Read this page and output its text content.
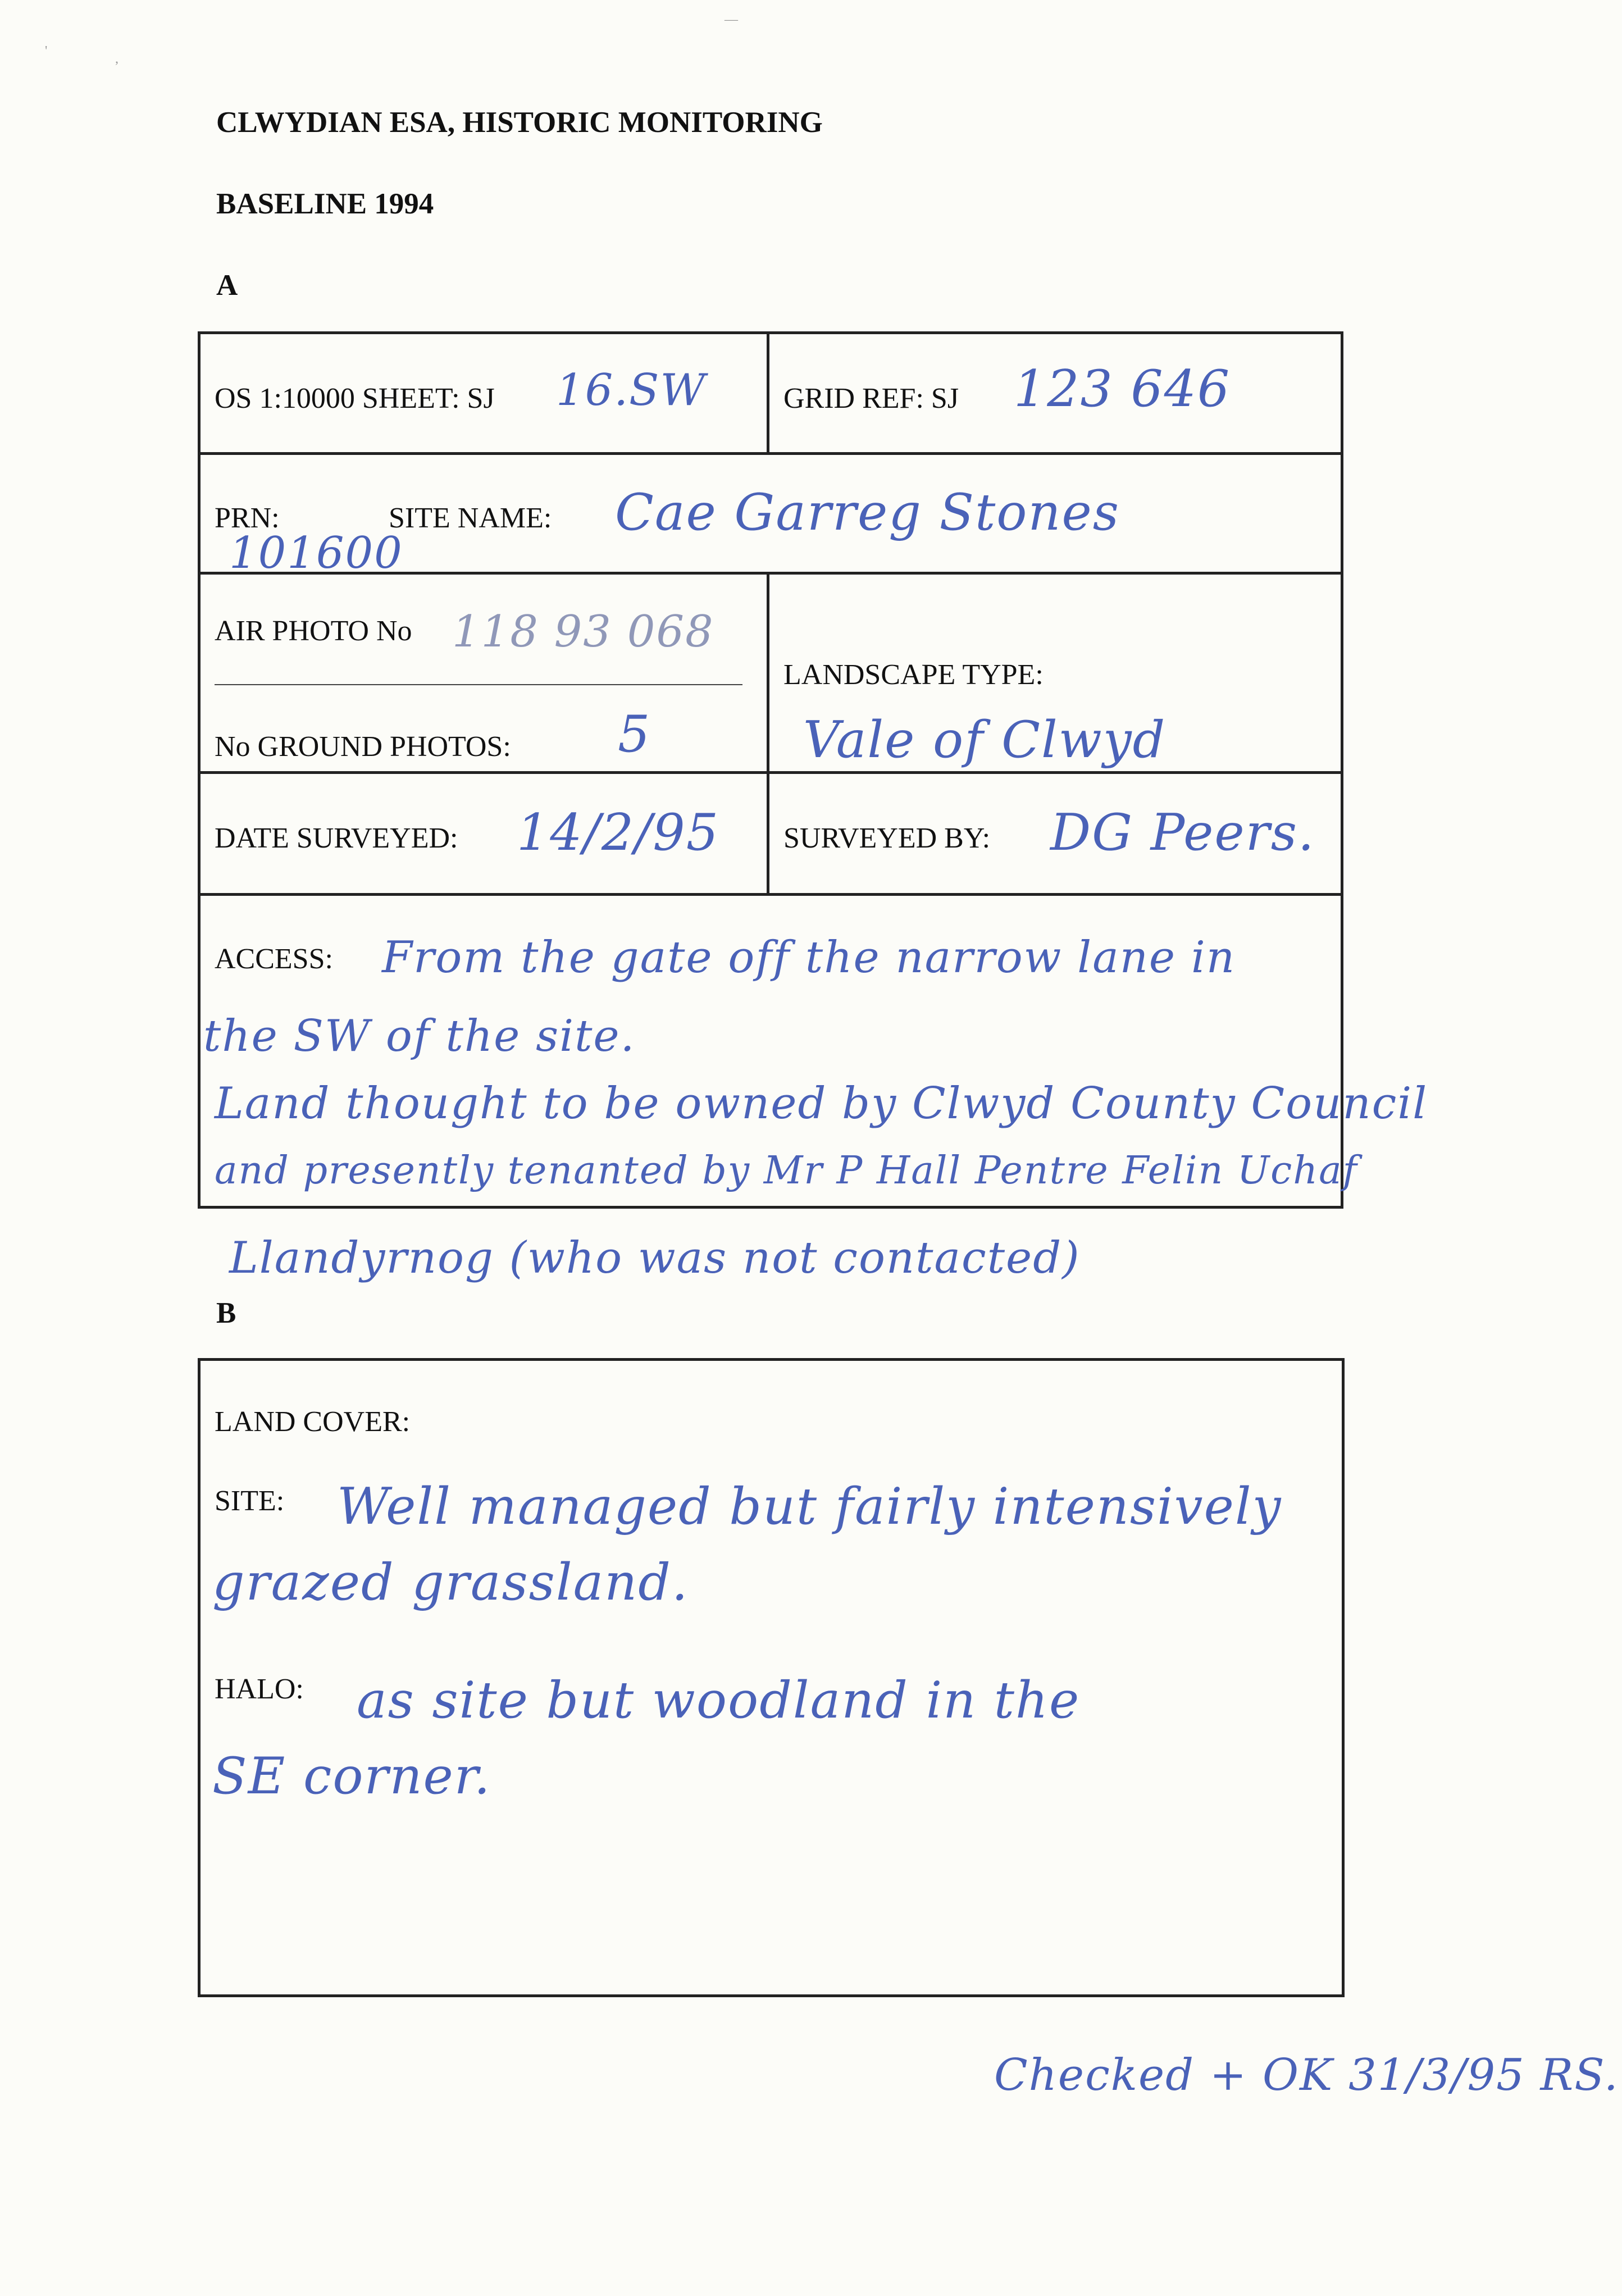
'
,
—
CLWYDIAN ESA, HISTORIC MONITORING
BASELINE 1994
A
OS 1:10000 SHEET: SJ 16.SW	GRID REF: SJ 123 646
PRN:
101600
SITE NAME: Cae Garreg Stones
AIR PHOTO No 118 93 068
LANDSCAPE TYPE:
Vale of Clwyd
No GROUND PHOTOS: 5
DATE SURVEYED: 14/2/95 SURVEYED BY: DG Peers.
ACCESS: From the gate off the narrow lane in
the SW of the site.
Land thought to be owned by Clwyd County Council
and presently tenanted by Mr P Hall Pentre Felin Uchaf
Llandyrnog (who was not contacted)
B
LAND COVER:
SITE: Well managed but fairly intensively
grazed grassland.
HALO: as site but woodland in the
SE corner.
Checked + OK 31/3/95 RS.
